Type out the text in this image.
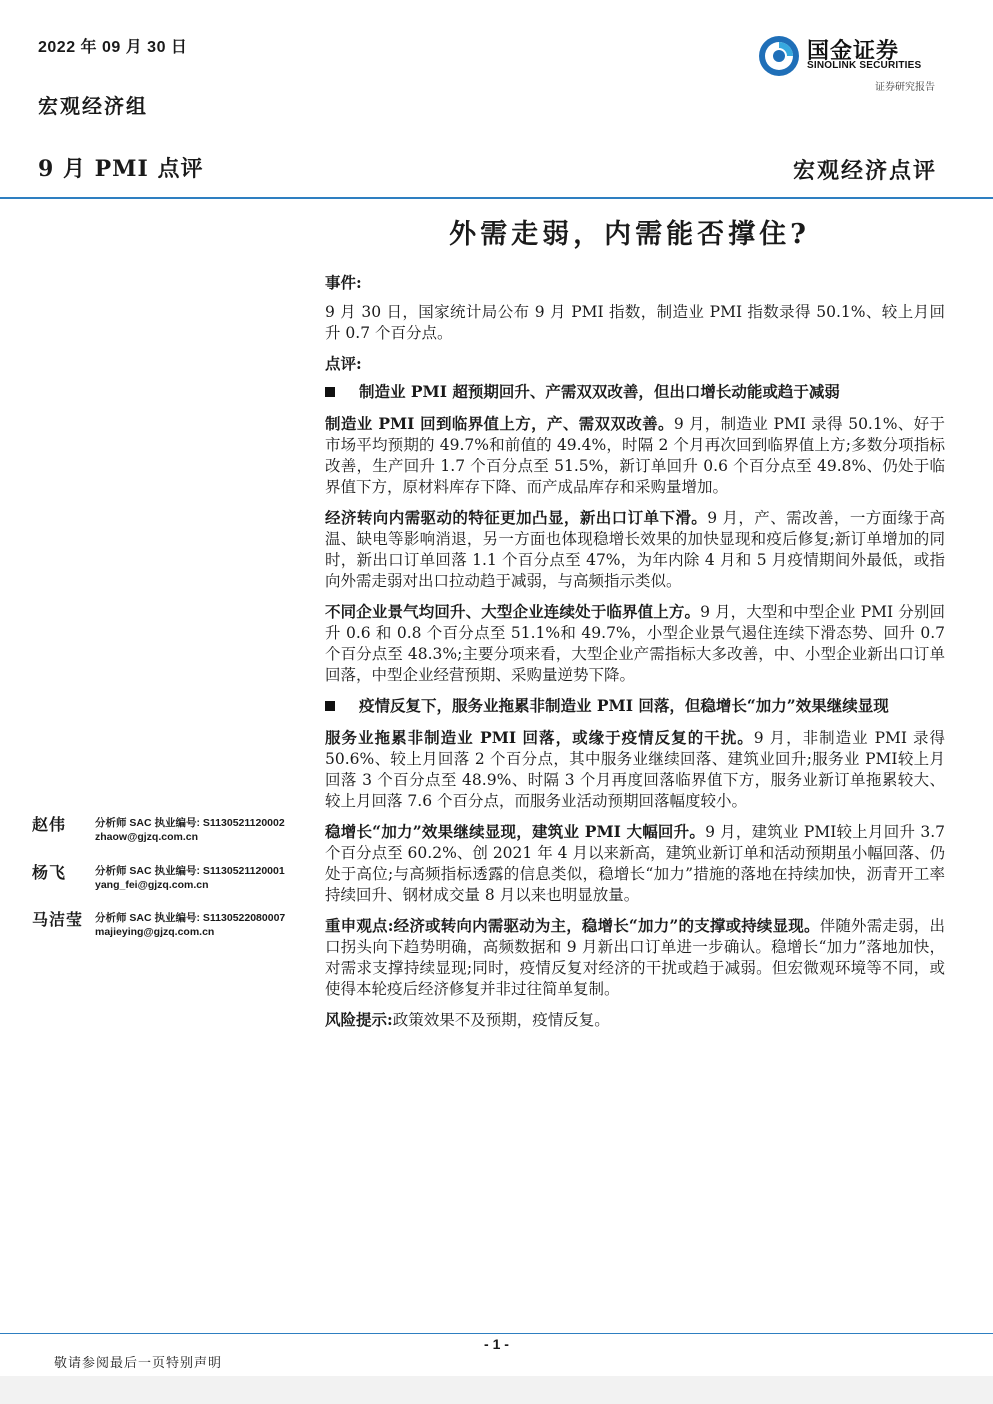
2022 年 09 月 30 日	国金证券
SINOLINK SECURITIES
证券研究报告
宏观经济组
9 月 PMI 点评	宏观经济点评
外需走弱，内需能否撑住?

事件:

9 月 30 日，国家统计局公布 9 月 PMI 指数，制造业 PMI 指数录得 50.1%、较上月回升 0.7 个百分点。

点评:

制造业 PMI 超预期回升、产需双双改善，但出口增长动能或趋于减弱

制造业 PMI 回到临界值上方，产、需双双改善。9 月，制造业 PMI 录得 50.1%、好于市场平均预期的 49.7%和前值的 49.4%，时隔 2 个月再次回到临界值上方;多数分项指标改善，生产回升 1.7 个百分点至 51.5%，新订单回升 0.6 个百分点至 49.8%、仍处于临界值下方，原材料库存下降、而产成品库存和采购量增加。

经济转向内需驱动的特征更加凸显，新出口订单下滑。9 月，产、需改善，一方面缘于高温、缺电等影响消退，另一方面也体现稳增长效果的加快显现和疫后修复;新订单增加的同时，新出口订单回落 1.1 个百分点至 47%，为年内除 4 月和 5 月疫情期间外最低，或指向外需走弱对出口拉动趋于减弱，与高频指示类似。

不同企业景气均回升、大型企业连续处于临界值上方。9 月，大型和中型企业 PMI 分别回升 0.6 和 0.8 个百分点至 51.1%和 49.7%，小型企业景气遏住连续下滑态势、回升 0.7 个百分点至 48.3%;主要分项来看，大型企业产需指标大多改善，中、小型企业新出口订单回落，中型企业经营预期、采购量逆势下降。

疫情反复下，服务业拖累非制造业 PMI 回落，但稳增长“加力”效果继续显现

服务业拖累非制造业 PMI 回落，或缘于疫情反复的干扰。9 月，非制造业 PMI 录得 50.6%、较上月回落 2 个百分点，其中服务业继续回落、建筑业回升;服务业 PMI较上月回落 3 个百分点至 48.9%、时隔 3 个月再度回落临界值下方，服务业新订单拖累较大、较上月回落 7.6 个百分点，而服务业活动预期回落幅度较小。

稳增长“加力”效果继续显现，建筑业 PMI 大幅回升。9 月，建筑业 PMI较上月回升 3.7 个百分点至 60.2%、创 2021 年 4 月以来新高，建筑业新订单和活动预期虽小幅回落、仍处于高位;与高频指标透露的信息类似，稳增长“加力”措施的落地在持续加快，沥青开工率持续回升、钢材成交量 8 月以来也明显放量。

重申观点:经济或转向内需驱动为主，稳增长“加力”的支撑或持续显现。伴随外需走弱，出口拐头向下趋势明确，高频数据和 9 月新出口订单进一步确认。稳增长“加力”落地加快，对需求支撑持续显现;同时，疫情反复对经济的干扰或趋于减弱。但宏微观环境等不同，或使得本轮疫后经济修复并非过往简单复制。

风险提示:政策效果不及预期，疫情反复。

赵伟	分析师 SAC 执业编号: S1130521120002
zhaow@gjzq.com.cn
杨飞	分析师 SAC 执业编号: S1130521120001
yang_fei@gjzq.com.cn
马洁莹 分析师 SAC 执业编号: S1130522080007
majieying@gjzq.com.cn
- 1 -
敬请参阅最后一页特别声明
